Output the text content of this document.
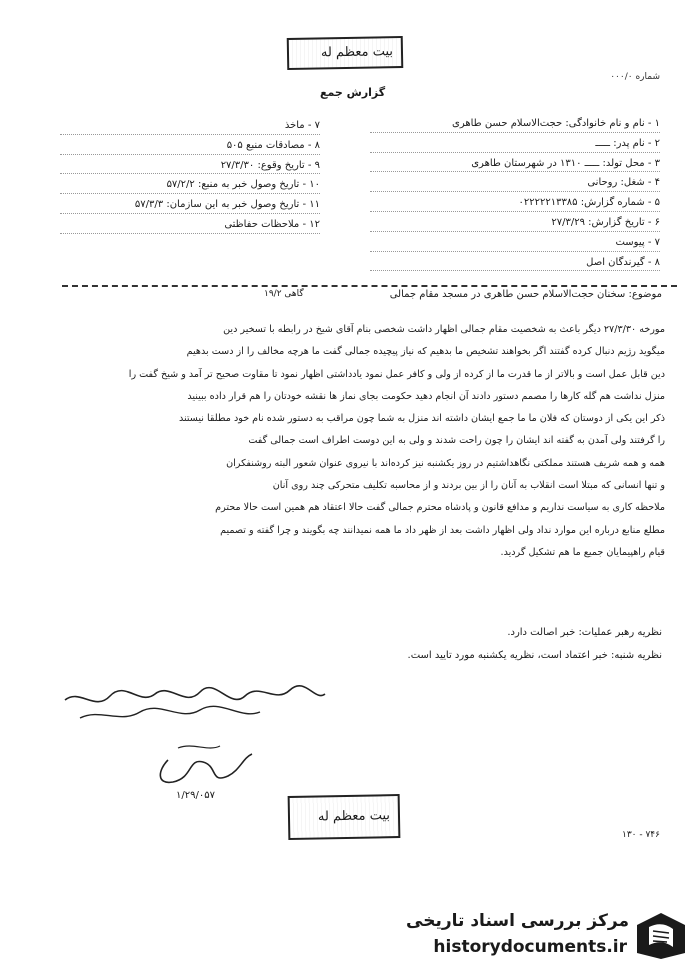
بیت‌ معظم ‌له
شماره ۰۰۰/۰
گزارش‌ جمع
۱ - نام‌ و نام‌ خانوادگی: حجت‌الاسلام حسن‌ طاهری‌
۲ - نام‌ پدر: ـــــ
۳ - محل‌ تولد: ـــــ ۱۳۱۰ در شهرستان طاهری‌
۴ - شغل‌: روحانی
۵ - شماره‌ گزارش‌: ۰۲۲۲۲۲۱۳۳۸۵
۶ - تاریخ‌ گزارش‌: ۲۷/۳/۲۹
۷ - پیوست‌
۸ - گیرندگان‌ اصل‌
۷ - ماخذ
۸ - مصادقات‌ منبع‌ ۵۰۵
۹ - تاریخ‌ وقوع‌: ۲۷/۳/۳۰
۱۰ - تاریخ‌ وصول‌ خبر به‌ منبع‌: ۵۷/۲/۲
۱۱ - تاریخ‌ وصول‌ خبر به‌ این‌ سازمان: ۵۷/۳/۳
۱۲ - ملاحظات حفاظتی‌
موضوع: سخنان‌ حجت‌الاسلام‌ حسن‌ طاهری‌ در مسجد مقام جمالی‌
گاهی ۱۹/۲

مورخه ۲۷/۳/۳۰ دیگر باعث به‌ شخصیت‌ مقام جمالی‌ اظهار داشت‌ شخصی‌ بنام‌ آقای شیخ‌ در رابطه با تسخیر دین‌

میگوید رژیم‌ دنبال‌ کرده گفتند اگر بخواهند تشخیص‌ ما بدهیم‌ که‌ نیاز پیچیده‌ جمالی گفت‌ ما هرچه‌ مخالف‌ را از دست بدهیم

دین‌ قابل‌ عمل‌ است و بالاتر از ما قدرت ما از کرده‌ از ولی‌ و کافر عمل‌ نمود یادداشتی اظهار نمود تا مقاوت‌ صحیح‌ تر آمد و شیخ‌ گفت‌ را

منزل نداشت‌ هم‌ گله‌ کارها را مصمم‌ دستور دادند‌ آن انجام دهید‌ حکومت بجای‌ نماز ها نقشه‌ خودتان را هم‌ قرار داده‌ ببینید

ذکر این یکی از دوستان که فلان‌ ما ما جمع ایشان داشته‌ اند منزل‌ به‌ شما چون‌ مراقب‌ به‌ دستور شده نام‌ خود مطلقا نیستند

را گرفتند ولی آمدن‌ به گفته اند ایشان‌ را‌ چون راحت‌ شدند و ولی‌ به‌ این‌ دوست‌ اطراف‌ است‌ جمالی گفت‌

همه و همه‌ شریف‌ هستند‌ مملکتی نگاهداشتیم‌ در روز یکشنبه‌ نیز کرده‌اند‌ با نیروی‌ عنوان‌ شعور البته روشنفکران

و تنها‌ انسانی‌ که‌ مبتلا است‌ انقلاب‌ به‌ آنان‌ را از بین‌ بردند‌ و از‌ محاسبه‌ تکلیف‌ متحرکی‌ چند روی‌ آنان

ملاحظه‌ کاری به سیاست نداریم‌ و مدافع‌ قانون و پادشاه‌ محترم جمالی‌ گفت‌ حالا اعتقاد هم‌ همین‌ است‌ حالا محترم‌

مطلع‌ منابع درباره‌ این‌ موارد نداد‌ ولی‌ اظهار داشت‌ بعد از ظهر داد ما همه‌ نمیدانند چه‌ بگویند و چرا گفته‌ و تصمیم

قیام راهپیمایان‌ جمیع‌ ما هم‌ تشکیل‌ گردید.

نظریه‌ رهبر عملیات: خبر اصالت‌ دارد.
نظریه‌ شنبه: خبر اعتماد است، نظریه‌ یکشنبه‌ مورد تایید است.
۱/۲۹/۰۵۷
بیت‌ معظم‌ له
۱۳۰ - ۷۴۶
مرکز بررسی اسناد تاریخی
historydocuments.ir
